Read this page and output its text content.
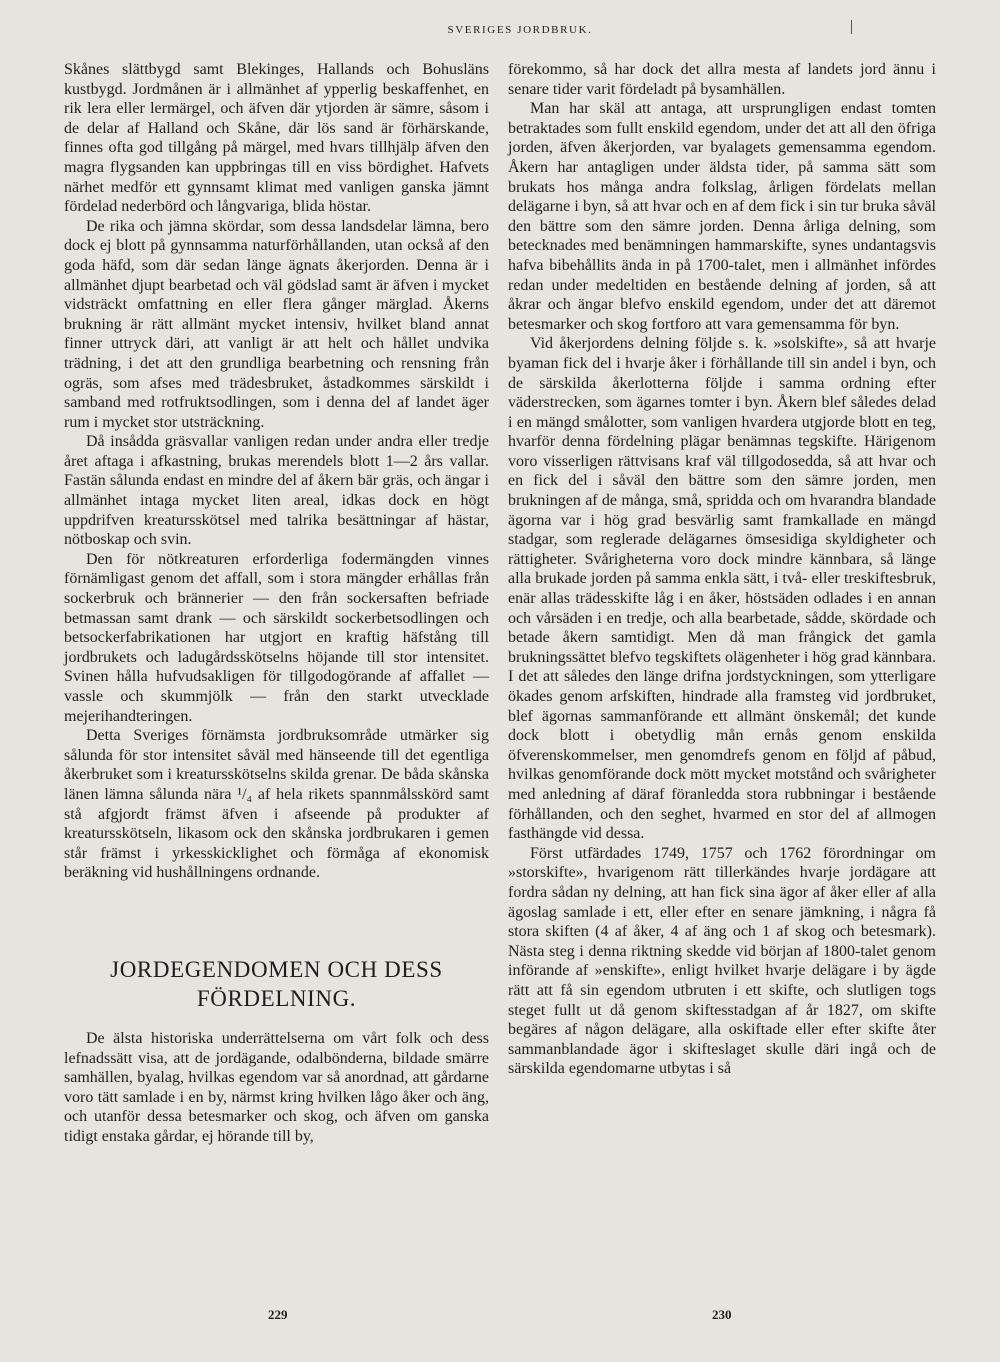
SVERIGES JORDBRUK.

Skånes slättbygd samt Blekinges, Hallands och Bohusläns kustbygd. Jordmånen är i allmänhet af ypperlig beskaffenhet, en rik lera eller lermärgel, och äfven där ytjorden är sämre, såsom i de delar af Halland och Skåne, där lös sand är förhärskande, finnes ofta god tillgång på märgel, med hvars tillhjälp äfven den magra flygsanden kan uppbringas till en viss bördighet. Hafvets närhet medför ett gynnsamt klimat med vanligen ganska jämnt fördelad nederbörd och långvariga, blida höstar.

De rika och jämna skördar, som dessa landsdelar lämna, bero dock ej blott på gynnsamma naturförhållanden, utan också af den goda häfd, som där sedan länge ägnats åkerjorden. Denna är i allmänhet djupt bearbetad och väl gödslad samt är äfven i mycket vidsträckt omfattning en eller flera gånger märglad. Åkerns brukning är rätt allmänt mycket intensiv, hvilket bland annat finner uttryck däri, att vanligt är att helt och hållet undvika trädning, i det att den grundliga bearbetning och rensning från ogräs, som afses med trädesbruket, åstadkommes särskildt i samband med rotfruktsodlingen, som i denna del af landet äger rum i mycket stor utsträckning.

Då insådda gräsvallar vanligen redan under andra eller tredje året aftaga i afkastning, brukas merendels blott 1—2 års vallar. Fastän sålunda endast en mindre del af åkern bär gräs, och ängar i allmänhet intaga mycket liten areal, idkas dock en högt uppdrifven kreatursskötsel med talrika besättningar af hästar, nötboskap och svin.

Den för nötkreaturen erforderliga fodermängden vinnes förnämligast genom det affall, som i stora mängder erhållas från sockerbruk och brännerier — den från sockersaften befriade betmassan samt drank — och särskildt sockerbetsodlingen och betsockerfabrikationen har utgjort en kraftig häfstång till jordbrukets och ladugårdsskötselns höjande till stor intensitet. Svinen hålla hufvudsakligen för tillgodogörande af affallet — vassle och skummjölk — från den starkt utvecklade mejerihandteringen.

Detta Sveriges förnämsta jordbruksområde utmärker sig sålunda för stor intensitet såväl med hänseende till det egentliga åkerbruket som i kreatursskötselns skilda grenar. De båda skånska länen lämna sålunda nära ¹/₄ af hela rikets spannmålsskörd samt stå afgjordt främst äfven i afseende på produkter af kreatursskötseln, likasom ock den skånska jordbrukaren i gemen står främst i yrkesskicklighet och förmåga af ekonomisk beräkning vid hushållningens ordnande.

JORDEGENDOMEN OCH DESS
FÖRDELNING.

De älsta historiska underrättelserna om vårt folk och dess lefnadssätt visa, att de jordägande, odalbönderna, bildade smärre samhällen, byalag, hvilkas egendom var så anordnad, att gårdarne voro tätt samlade i en by, närmst kring hvilken lågo åker och äng, och utanför dessa betesmarker och skog, och äfven om ganska tidigt enstaka gårdar, ej hörande till by,

förekommo, så har dock det allra mesta af landets jord ännu i senare tider varit fördeladt på bysamhällen.

Man har skäl att antaga, att ursprungligen endast tomten betraktades som fullt enskild egendom, under det att all den öfriga jorden, äfven åkerjorden, var byalagets gemensamma egendom. Åkern har antagligen under äldsta tider, på samma sätt som brukats hos många andra folkslag, årligen fördelats mellan delägarne i byn, så att hvar och en af dem fick i sin tur bruka såväl den bättre som den sämre jorden. Denna årliga delning, som betecknades med benämningen hammarskifte, synes undantagsvis hafva bibehållits ända in på 1700-talet, men i allmänhet infördes redan under medeltiden en bestående delning af jorden, så att åkrar och ängar blefvo enskild egendom, under det att däremot betesmarker och skog fortforo att vara gemensamma för byn.

Vid åkerjordens delning följde s. k. »solskifte», så att hvarje byaman fick del i hvarje åker i förhållande till sin andel i byn, och de särskilda åkerlotterna följde i samma ordning efter väderstrecken, som ägarnes tomter i byn. Åkern blef således delad i en mängd smålotter, som vanligen hvardera utgjorde blott en teg, hvarför denna fördelning plägar benämnas tegskifte. Härigenom voro visserligen rättvisans kraf väl tillgodosedda, så att hvar och en fick del i såväl den bättre som den sämre jorden, men brukningen af de många, små, spridda och om hvarandra blandade ägorna var i hög grad besvärlig samt framkallade en mängd stadgar, som reglerade delägarnes ömsesidiga skyldigheter och rättigheter. Svårigheterna voro dock mindre kännbara, så länge alla brukade jorden på samma enkla sätt, i två- eller treskiftesbruk, enär allas trädesskifte låg i en åker, höstsäden odlades i en annan och vårsäden i en tredje, och alla bearbetade, sådde, skördade och betade åkern samtidigt. Men då man frångick det gamla brukningssättet blefvo tegskiftets olägenheter i hög grad kännbara. I det att således den länge drifna jordstyckningen, som ytterligare ökades genom arfskiften, hindrade alla framsteg vid jordbruket, blef ägornas sammanförande ett allmänt önskemål; det kunde dock blott i obetydlig mån ernås genom enskilda öfverenskommelser, men genomdrefs genom en följd af påbud, hvilkas genomförande dock mött mycket motstånd och svårigheter med anledning af däraf föranledda stora rubbningar i bestående förhållanden, och den seghet, hvarmed en stor del af allmogen fasthängde vid dessa.

Först utfärdades 1749, 1757 och 1762 förordningar om »storskifte», hvarigenom rätt tillerkändes hvarje jordägare att fordra sådan ny delning, att han fick sina ägor af åker eller af alla ägoslag samlade i ett, eller efter en senare jämkning, i några få stora skiften (4 af åker, 4 af äng och 1 af skog och betesmark). Nästa steg i denna riktning skedde vid början af 1800-talet genom införande af »enskifte», enligt hvilket hvarje delägare i by ägde rätt att få sin egendom utbruten i ett skifte, och slutligen togs steget fullt ut då genom skiftesstadgan af år 1827, om skifte begäres af någon delägare, alla oskiftade eller efter skifte åter sammanblandade ägor i skifteslaget skulle däri ingå och de särskilda egendomarne utbytas i så

229	230
